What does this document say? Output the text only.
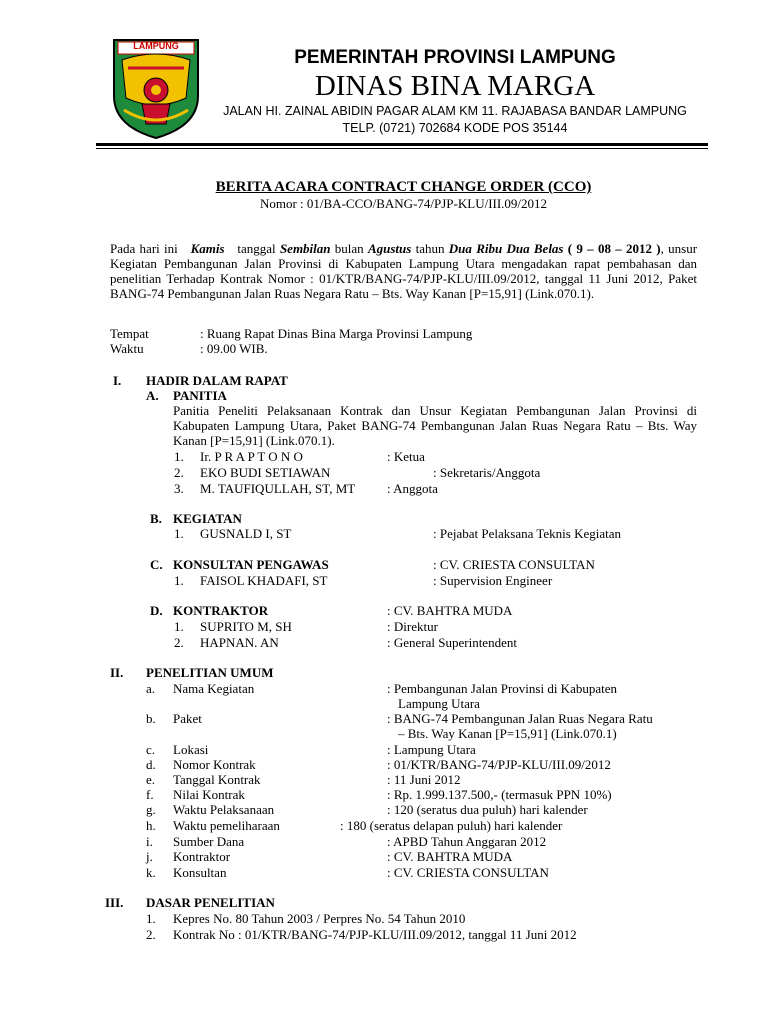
LAMPUNG
PEMERINTAH PROVINSI LAMPUNG
DINAS BINA MARGA
JALAN HI. ZAINAL ABIDIN PAGAR ALAM KM 11. RAJABASA BANDAR LAMPUNG
TELP. (0721) 702684 KODE POS 35144
BERITA ACARA CONTRACT CHANGE ORDER (CCO)
Nomor : 01/BA-CCO/BANG-74/PJP-KLU/III.09/2012
Pada hari ini Kamis tanggal Sembilan bulan Agustus tahun Dua Ribu Dua Belas ( 9 – 08 – 2012 ), unsur Kegiatan Pembangunan Jalan Provinsi di Kabupaten Lampung Utara mengadakan rapat pembahasan dan penelitian Terhadap Kontrak Nomor : 01/KTR/BANG-74/PJP-KLU/III.09/2012, tanggal 11 Juni 2012, Paket BANG-74 Pembangunan Jalan Ruas Negara Ratu – Bts. Way Kanan [P=15,91] (Link.070.1).
Tempat	: Ruang Rapat Dinas Bina Marga Provinsi Lampung
Waktu	: 09.00 WIB.
I. HADIR DALAM RAPAT
A. PANITIA
Panitia Peneliti Pelaksanaan Kontrak dan Unsur Kegiatan Pembangunan Jalan Provinsi di Kabupaten Lampung Utara, Paket BANG-74 Pembangunan Jalan Ruas Negara Ratu – Bts. Way Kanan [P=15,91] (Link.070.1).
1. Ir. P R A P T O N O	: Ketua
2. EKO BUDI SETIAWAN	: Sekretaris/Anggota
3. M. TAUFIQULLAH, ST, MT : Anggota
B. KEGIATAN
1. GUSNALD I, ST	: Pejabat Pelaksana Teknis Kegiatan
C. KONSULTAN PENGAWAS	: CV. CRIESTA CONSULTAN
1. FAISOL KHADAFI, ST	: Supervision Engineer
D. KONTRAKTOR	: CV. BAHTRA MUDA
1. SUPRITO M, SH	: Direktur
2. HAPNAN. AN	: General Superintendent
II. PENELITIAN UMUM
a. Nama Kegiatan	: Pembangunan Jalan Provinsi di Kabupaten
Lampung Utara
b. Paket	: BANG-74 Pembangunan Jalan Ruas Negara Ratu
– Bts. Way Kanan [P=15,91] (Link.070.1)
c. Lokasi	: Lampung Utara
d. Nomor Kontrak	: 01/KTR/BANG-74/PJP-KLU/III.09/2012
e. Tanggal Kontrak	: 11 Juni 2012
f. Nilai Kontrak	: Rp. 1.999.137.500,- (termasuk PPN 10%)
g. Waktu Pelaksanaan	: 120 (seratus dua puluh) hari kalender
h. Waktu pemeliharaan	: 180 (seratus delapan puluh) hari kalender
i. Sumber Dana	: APBD Tahun Anggaran 2012
j. Kontraktor	: CV. BAHTRA MUDA
k. Konsultan	: CV. CRIESTA CONSULTAN
III. DASAR PENELITIAN
1. Kepres No. 80 Tahun 2003 / Perpres No. 54 Tahun 2010
2. Kontrak No : 01/KTR/BANG-74/PJP-KLU/III.09/2012, tanggal 11 Juni 2012
